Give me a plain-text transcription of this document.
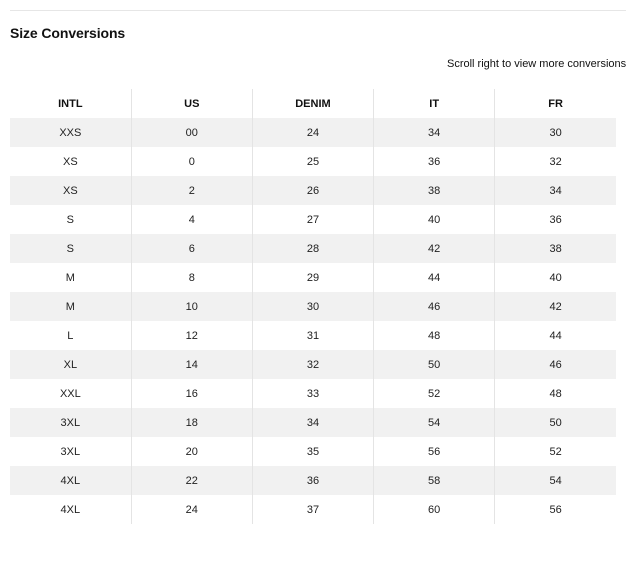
Size Conversions
Scroll right to view more conversions
INTL	US	DENIM	IT	FR
XXS	00	24	34	30
XS	0	25	36	32
XS	2	26	38	34
S	4	27	40	36
S	6	28	42	38
M	8	29	44	40
M	10	30	46	42
L	12	31	48	44
XL	14	32	50	46
XXL	16	33	52	48
3XL	18	34	54	50
3XL	20	35	56	52
4XL	22	36	58	54
4XL	24	37	60	56
